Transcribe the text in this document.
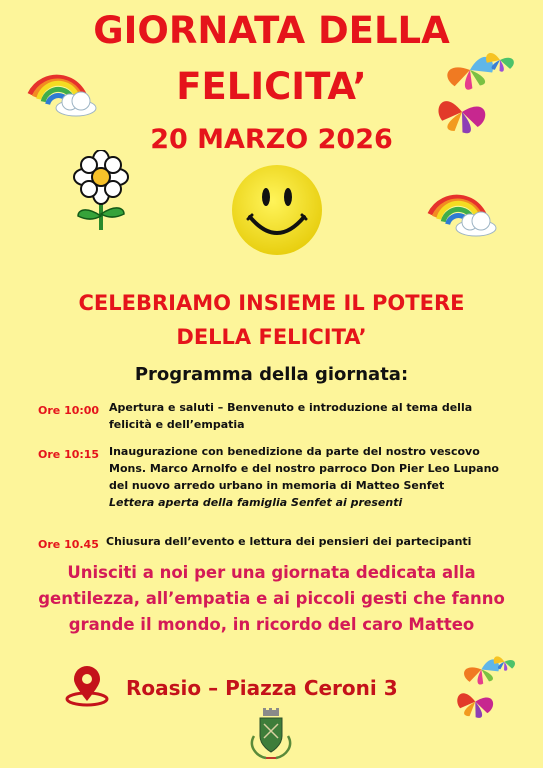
GIORNATA DELLA
FELICITA’
20 MARZO 2026
CELEBRIAMO INSIEME IL POTERE
DELLA FELICITA’
Programma della giornata:
Ore 10:00 Apertura e saluti – Benvenuto e introduzione al tema della
felicità e dell’empatia
Ore 10:15 Inaugurazione con benedizione da parte del nostro vescovo
Mons. Marco Arnolfo e del nostro parroco Don Pier Leo Lupano
del nuovo arredo urbano in memoria di Matteo Senfet
Lettera aperta della famiglia Senfet ai presenti
Ore 10.45 Chiusura dell’evento e lettura dei pensieri dei partecipanti
Unisciti a noi per una giornata dedicata alla
gentilezza, all’empatia e ai piccoli gesti che fanno
grande il mondo, in ricordo del caro Matteo
Roasio – Piazza Ceroni 3
